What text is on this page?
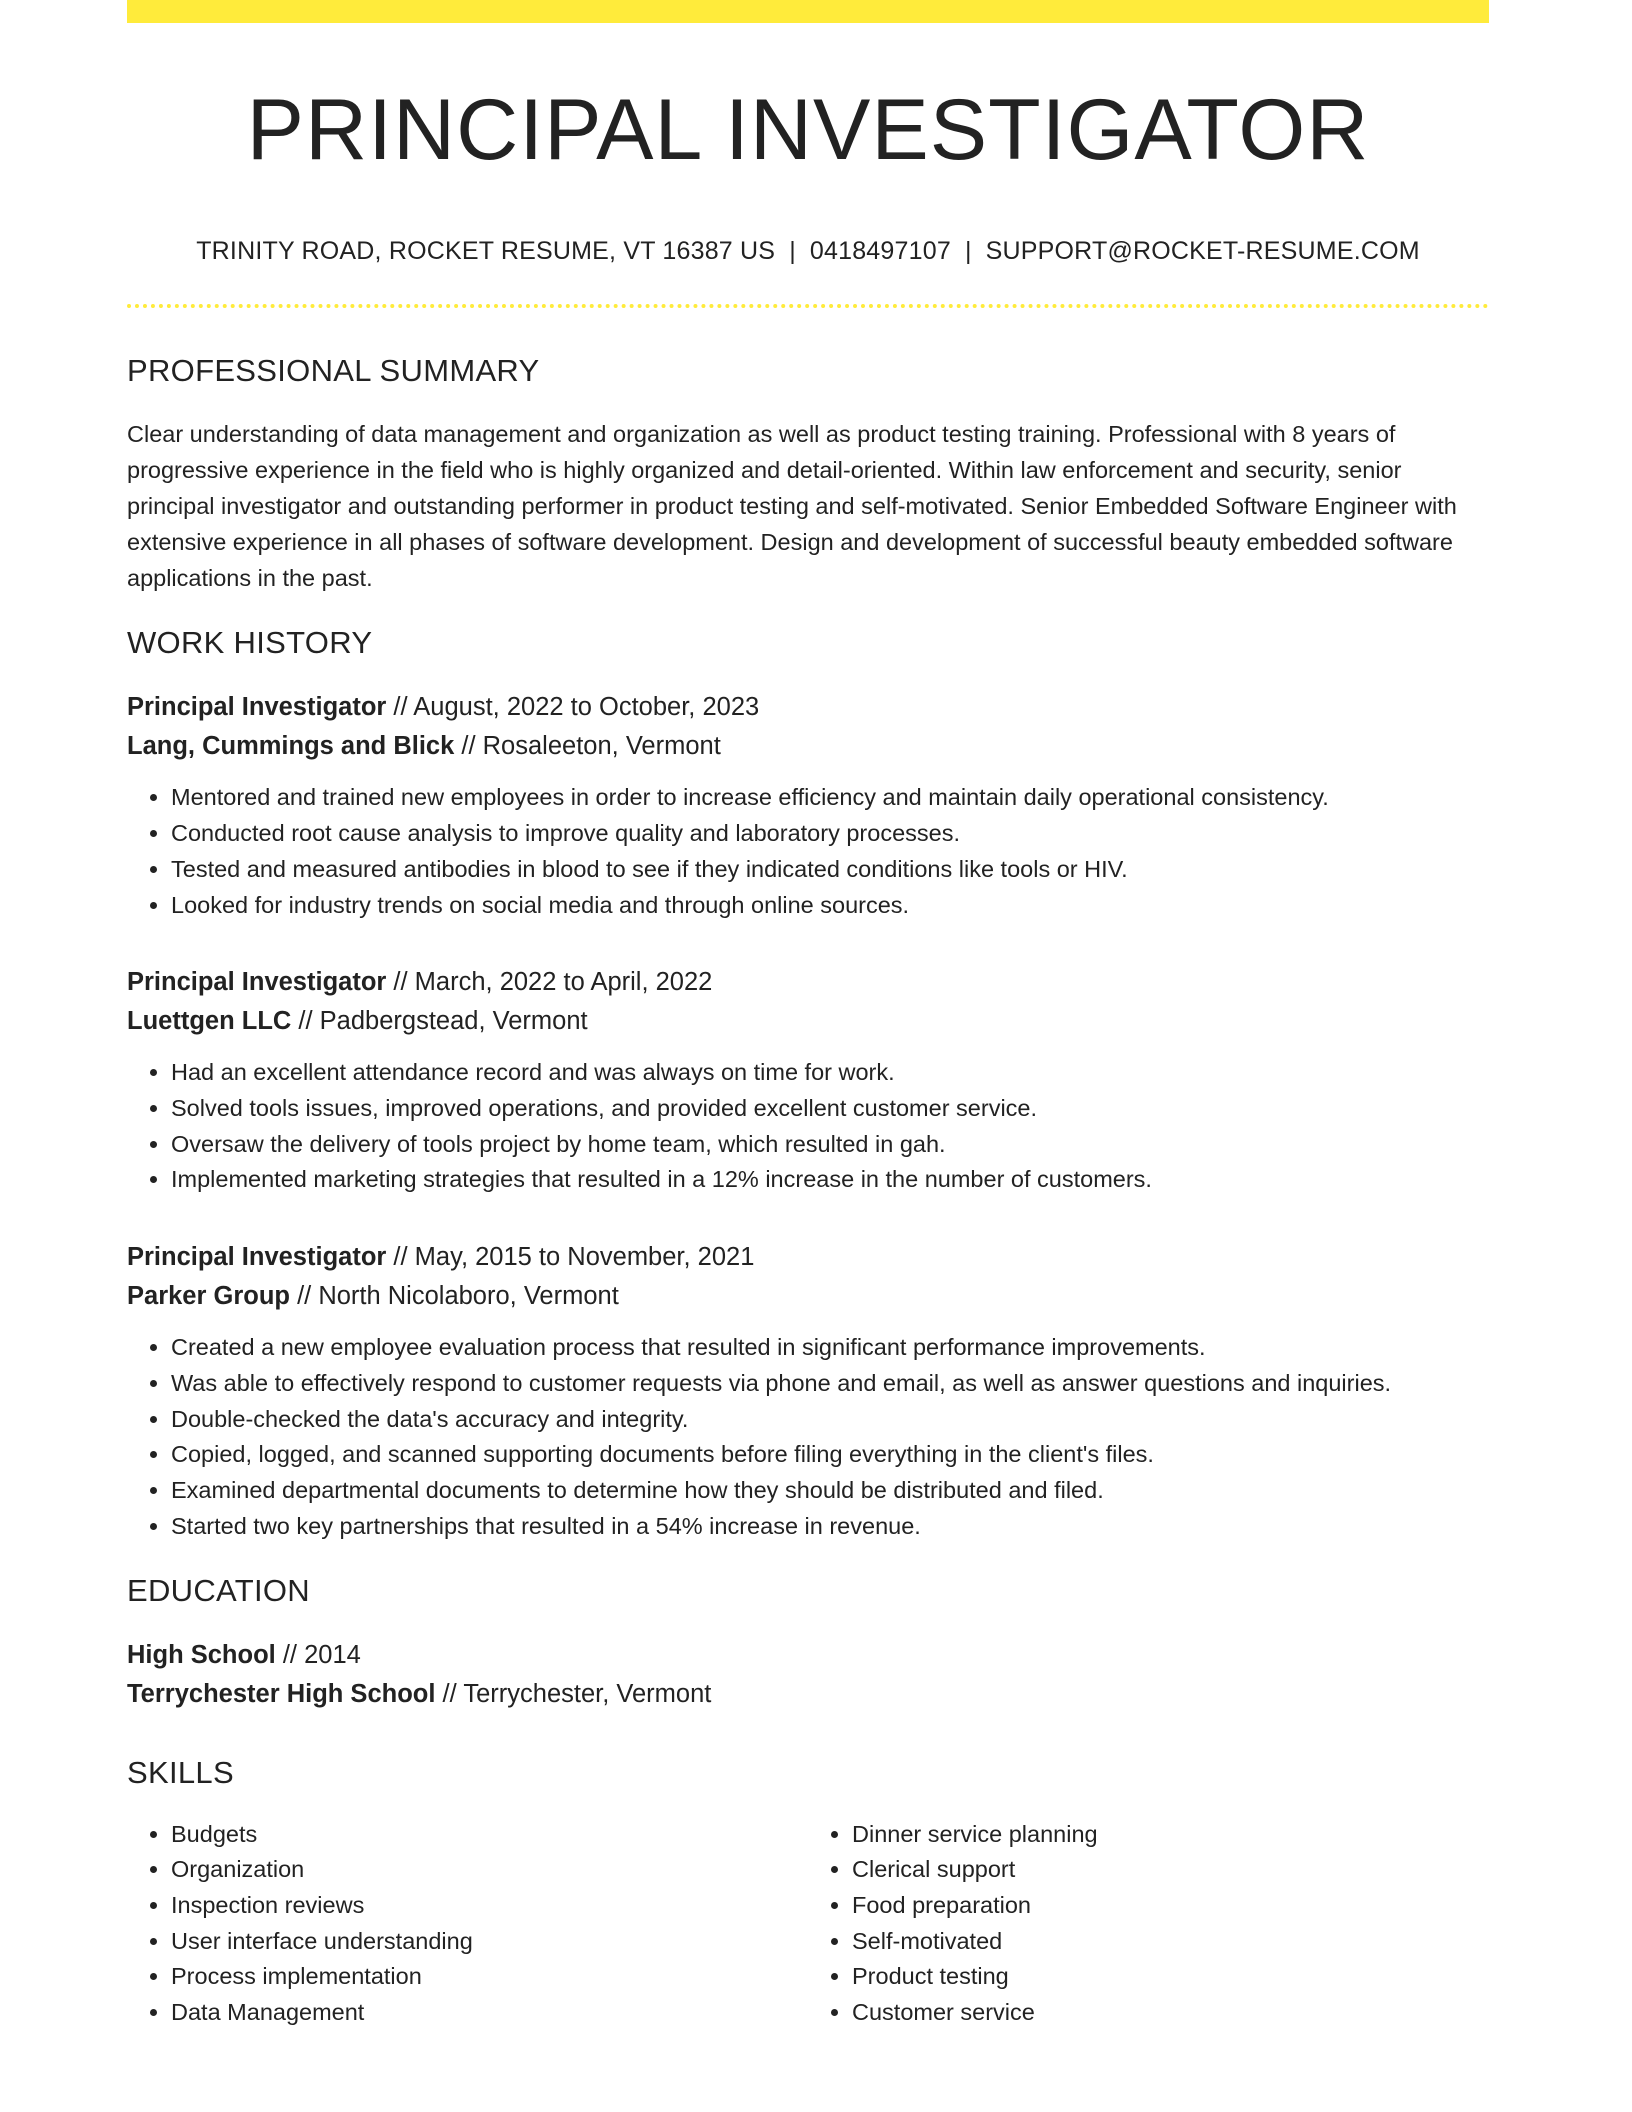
PRINCIPAL INVESTIGATOR
TRINITY ROAD, ROCKET RESUME, VT 16387 US | 0418497107 | SUPPORT@ROCKET-RESUME.COM
PROFESSIONAL SUMMARY

Clear understanding of data management and organization as well as product testing training. Professional with 8 years of progressive experience in the field who is highly organized and detail-oriented. Within law enforcement and security, senior principal investigator and outstanding performer in product testing and self-motivated. Senior Embedded Software Engineer with extensive experience in all phases of software development. Design and development of successful beauty embedded software applications in the past.

WORK HISTORY
Principal Investigator // August, 2022 to October, 2023
Lang, Cummings and Blick // Rosaleeton, Vermont
• Mentored and trained new employees in order to increase efficiency and maintain daily operational consistency.
• Conducted root cause analysis to improve quality and laboratory processes.
• Tested and measured antibodies in blood to see if they indicated conditions like tools or HIV.
• Looked for industry trends on social media and through online sources.
Principal Investigator // March, 2022 to April, 2022
Luettgen LLC // Padbergstead, Vermont
• Had an excellent attendance record and was always on time for work.
• Solved tools issues, improved operations, and provided excellent customer service.
• Oversaw the delivery of tools project by home team, which resulted in gah.
• Implemented marketing strategies that resulted in a 12% increase in the number of customers.
Principal Investigator // May, 2015 to November, 2021
Parker Group // North Nicolaboro, Vermont
• Created a new employee evaluation process that resulted in significant performance improvements.
• Was able to effectively respond to customer requests via phone and email, as well as answer questions and inquiries.
• Double-checked the data's accuracy and integrity.
• Copied, logged, and scanned supporting documents before filing everything in the client's files.
• Examined departmental documents to determine how they should be distributed and filed.
• Started two key partnerships that resulted in a 54% increase in revenue.
EDUCATION
High School // 2014
Terrychester High School // Terrychester, Vermont
SKILLS
• Budgets
• Organization
• Inspection reviews
• User interface understanding
• Process implementation
• Data Management
• Dinner service planning
• Clerical support
• Food preparation
• Self-motivated
• Product testing
• Customer service
